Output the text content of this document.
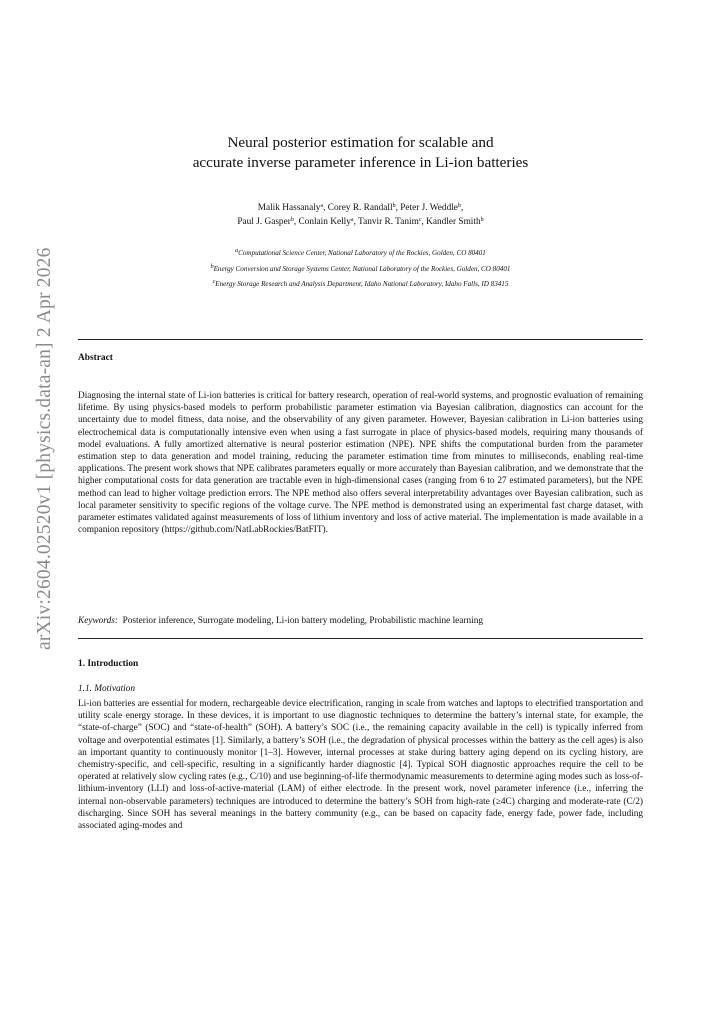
arXiv:2604.02520v1 [physics.data-an] 2 Apr 2026
Neural posterior estimation for scalable and
accurate inverse parameter inference in Li-ion batteries
Malik Hassanaly$^a$, Corey R. Randall$^b$, Peter J. Weddle$^b$,
Paul J. Gasper$^b$, Conlain Kelly$^a$, Tanvir R. Tanim$^c$, Kandler Smith$^b$
$^a$Computational Science Center, National Laboratory of the Rockies, Golden, CO 80401
$^b$Energy Conversion and Storage Systems Center, National Laboratory of the Rockies, Golden, CO 80401
$^c$Energy Storage Research and Analysis Department, Idaho National Laboratory, Idaho Falls, ID 83415
Abstract
Diagnosing the internal state of Li-ion batteries is critical for battery research, operation of real-world systems, and prognostic evaluation of remaining lifetime. By using physics-based models to perform probabilistic parameter estimation via Bayesian calibration, diagnostics can account for the uncertainty due to model fitness, data noise, and the observability of any given parameter. However, Bayesian calibration in Li-ion batteries using electrochemical data is computationally intensive even when using a fast surrogate in place of physics-based models, requiring many thousands of model evaluations. A fully amortized alternative is neural posterior estimation (NPE). NPE shifts the computational burden from the parameter estimation step to data generation and model training, reducing the parameter estimation time from minutes to milliseconds, enabling real-time applications. The present work shows that NPE calibrates parameters equally or more accurately than Bayesian calibration, and we demonstrate that the higher computational costs for data generation are tractable even in high-dimensional cases (ranging from 6 to 27 estimated parameters), but the NPE method can lead to higher voltage prediction errors. The NPE method also offers several interpretability advantages over Bayesian calibration, such as local parameter sensitivity to specific regions of the voltage curve. The NPE method is demonstrated using an experimental fast charge dataset, with parameter estimates validated against measurements of loss of lithium inventory and loss of active material. The implementation is made available in a companion repository (https://github.com/NatLabRockies/BatFIT).
Keywords: Posterior inference, Surrogate modeling, Li-ion battery modeling, Probabilistic machine learning
1. Introduction
1.1. Motivation
Li-ion batteries are essential for modern, rechargeable device electrification, ranging in scale from watches and laptops to electrified transportation and utility scale energy storage. In these devices, it is important to use diagnostic techniques to determine the battery’s internal state, for example, the “state-of-charge” (SOC) and “state-of-health” (SOH). A battery’s SOC (i.e., the remaining capacity available in the cell) is typically inferred from voltage and overpotential estimates [1]. Similarly, a battery’s SOH (i.e., the degradation of physical processes within the battery as the cell ages) is also an important quantity to continuously monitor [1–3]. However, internal processes at stake during battery aging depend on its cycling history, are chemistry-specific, and cell-specific, resulting in a significantly harder diagnostic [4]. Typical SOH diagnostic approaches require the cell to be operated at relatively slow cycling rates (e.g., C/10) and use beginning-of-life thermodynamic measurements to determine aging modes such as loss-of-lithium-inventory (LLI) and loss-of-active-material (LAM) of either electrode. In the present work, novel parameter inference (i.e., inferring the internal non-observable parameters) techniques are introduced to determine the battery’s SOH from high-rate (≥4C) charging and moderate-rate (C/2) discharging. Since SOH has several meanings in the battery community (e.g., can be based on capacity fade, energy fade, power fade, including associated aging-modes and
